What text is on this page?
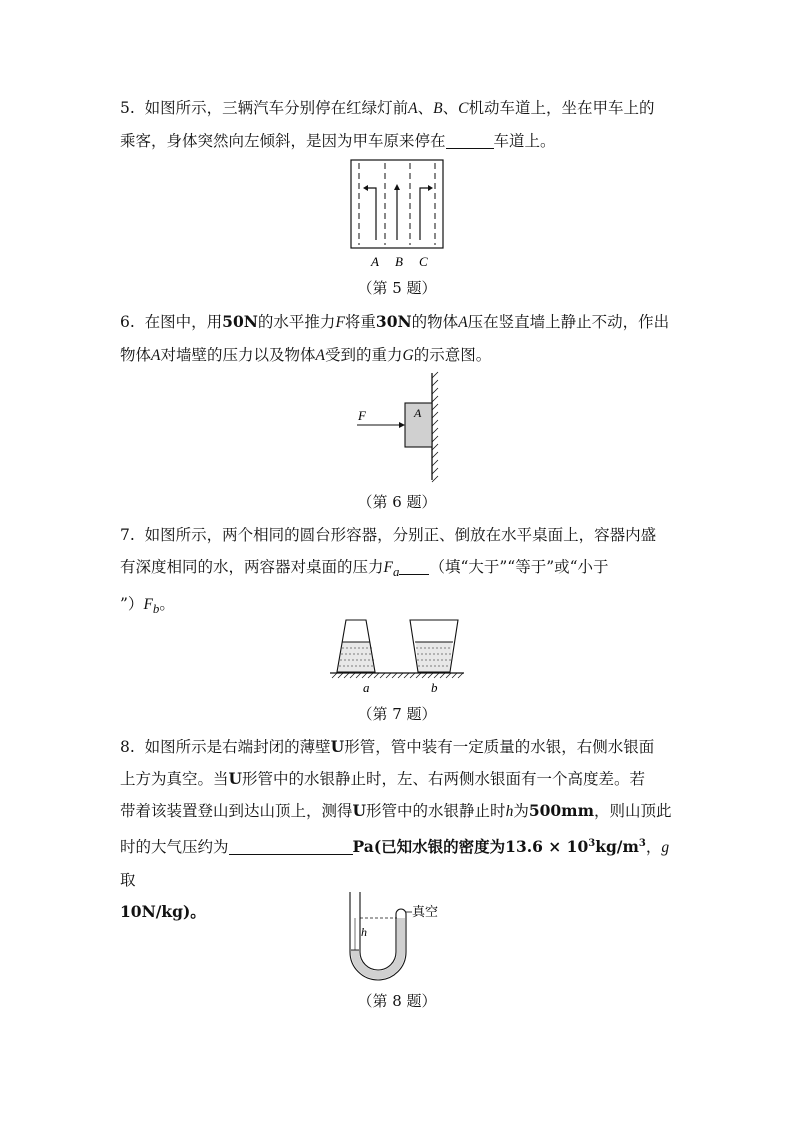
5. 如图所示，三辆汽车分别停在红绿灯前A、B、C机动车道上，坐在甲车上的

乘客，身体突然向左倾斜，是因为甲车原来停在	车道上。

A B C
（第 5 题）

6. 在图中，用50N的水平推力F将重30N的物体A压在竖直墙上静止不动，作出

物体A对墙壁的压力以及物体A受到的重力G的示意图。

A
F
（第 6 题）

7. 如图所示，两个相同的圆台形容器，分别正、倒放在水平桌面上，容器内盛

有深度相同的水，两容器对桌面的压力$F_a$ （填“大于”“等于”或“小于

$”)F_b$。

a	b
（第 7 题）

8. 如图所示是右端封闭的薄壁U形管，管中装有一定质量的水银，右侧水银面

上方为真空。当U形管中的水银静止时，左、右两侧水银面有一个高度差。若

带着该装置登山到达山顶上，测得U形管中的水银静止时h为500mm，则山顶此

时的大气压约为	Pa(已知水银的密度为$13.6 \times 10^3kg/m^3$，g取

10N/kg)。

h
真空
（第 8 题）
